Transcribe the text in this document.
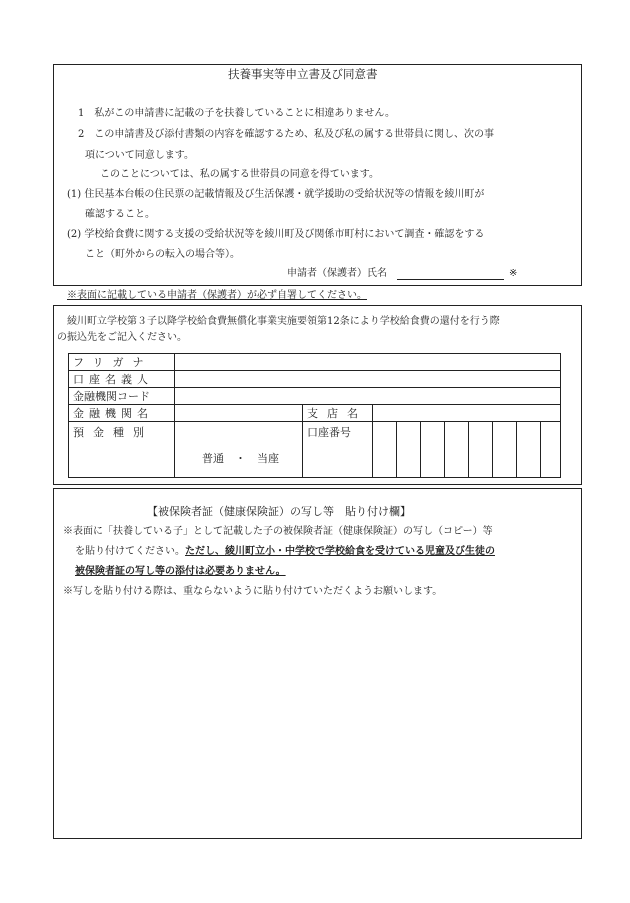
扶養事実等申立書及び同意書
1　私がこの申請書に記載の子を扶養していることに相違ありません。
2　この申請書及び添付書類の内容を確認するため、私及び私の属する世帯員に関し、次の事
項について同意します。
このことについては、私の属する世帯員の同意を得ています。
(1) 住民基本台帳の住民票の記載情報及び生活保護・就学援助の受給状況等の情報を綾川町が
確認すること。
(2) 学校給食費に関する支援の受給状況等を綾川町及び関係市町村において調査・確認をする
こと（町外からの転入の場合等）。
申請者（保護者）氏名	※
※表面に記載している申請者（保護者）が必ず自署してください。
綾川町立学校第３子以降学校給食費無償化事業実施要領第12条により学校給食費の還付を行う際
の振込先をご記入ください。
フリガナ										
口座名義人										
金融機関コード										
金融機関名		支店名								
預金種別	普通　・　当座	口座番号								
【被保険者証（健康保険証）の写し等　貼り付け欄】
※表面に「扶養している子」として記載した子の被保険者証（健康保険証）の写し（コピー）等
を貼り付けてください。ただし、綾川町立小・中学校で学校給食を受けている児童及び生徒の
被保険者証の写し等の添付は必要ありません。
※写しを貼り付ける際は、重ならないように貼り付けていただくようお願いします。
